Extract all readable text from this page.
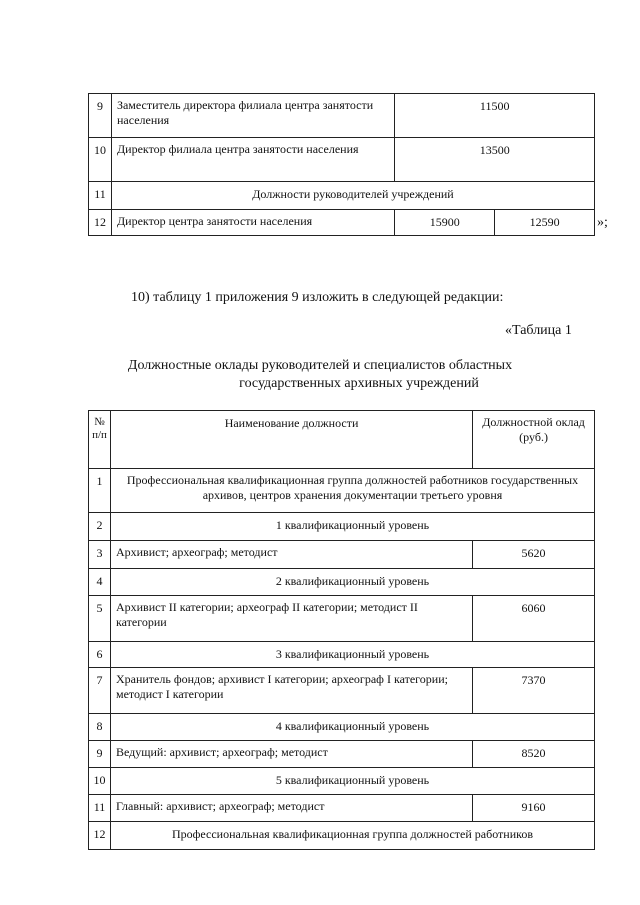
9	Заместитель директора филиала центра занятости населения	11500	
10	Директор филиала центра занятости населения	13500	
11	Должности руководителей учреждений		
12	Директор центра занятости населения	15900	12590	»;
10) таблицу 1 приложения 9 изложить в следующей редакции:
«Таблица 1
Должностные оклады руководителей и специалистов областных
государственных архивных учреждений
№ п/п	Наименование должности	Должностной оклад (руб.)
1	Профессиональная квалификационная группа должностей работников государственных архивов, центров хранения документации третьего уровня	
2	1 квалификационный уровень	
3	Архивист; археограф; методист	5620
4	2 квалификационный уровень	
5	Архивист II категории; археограф II категории; методист II категории	6060
6	3 квалификационный уровень	
7	Хранитель фондов; архивист I категории; археограф I категории; методист I категории	7370
8	4 квалификационный уровень	
9	Ведущий: архивист; археограф; методист	8520
10	5 квалификационный уровень	
11	Главный: архивист; археограф; методист	9160
12	Профессиональная квалификационная группа должностей работников	
